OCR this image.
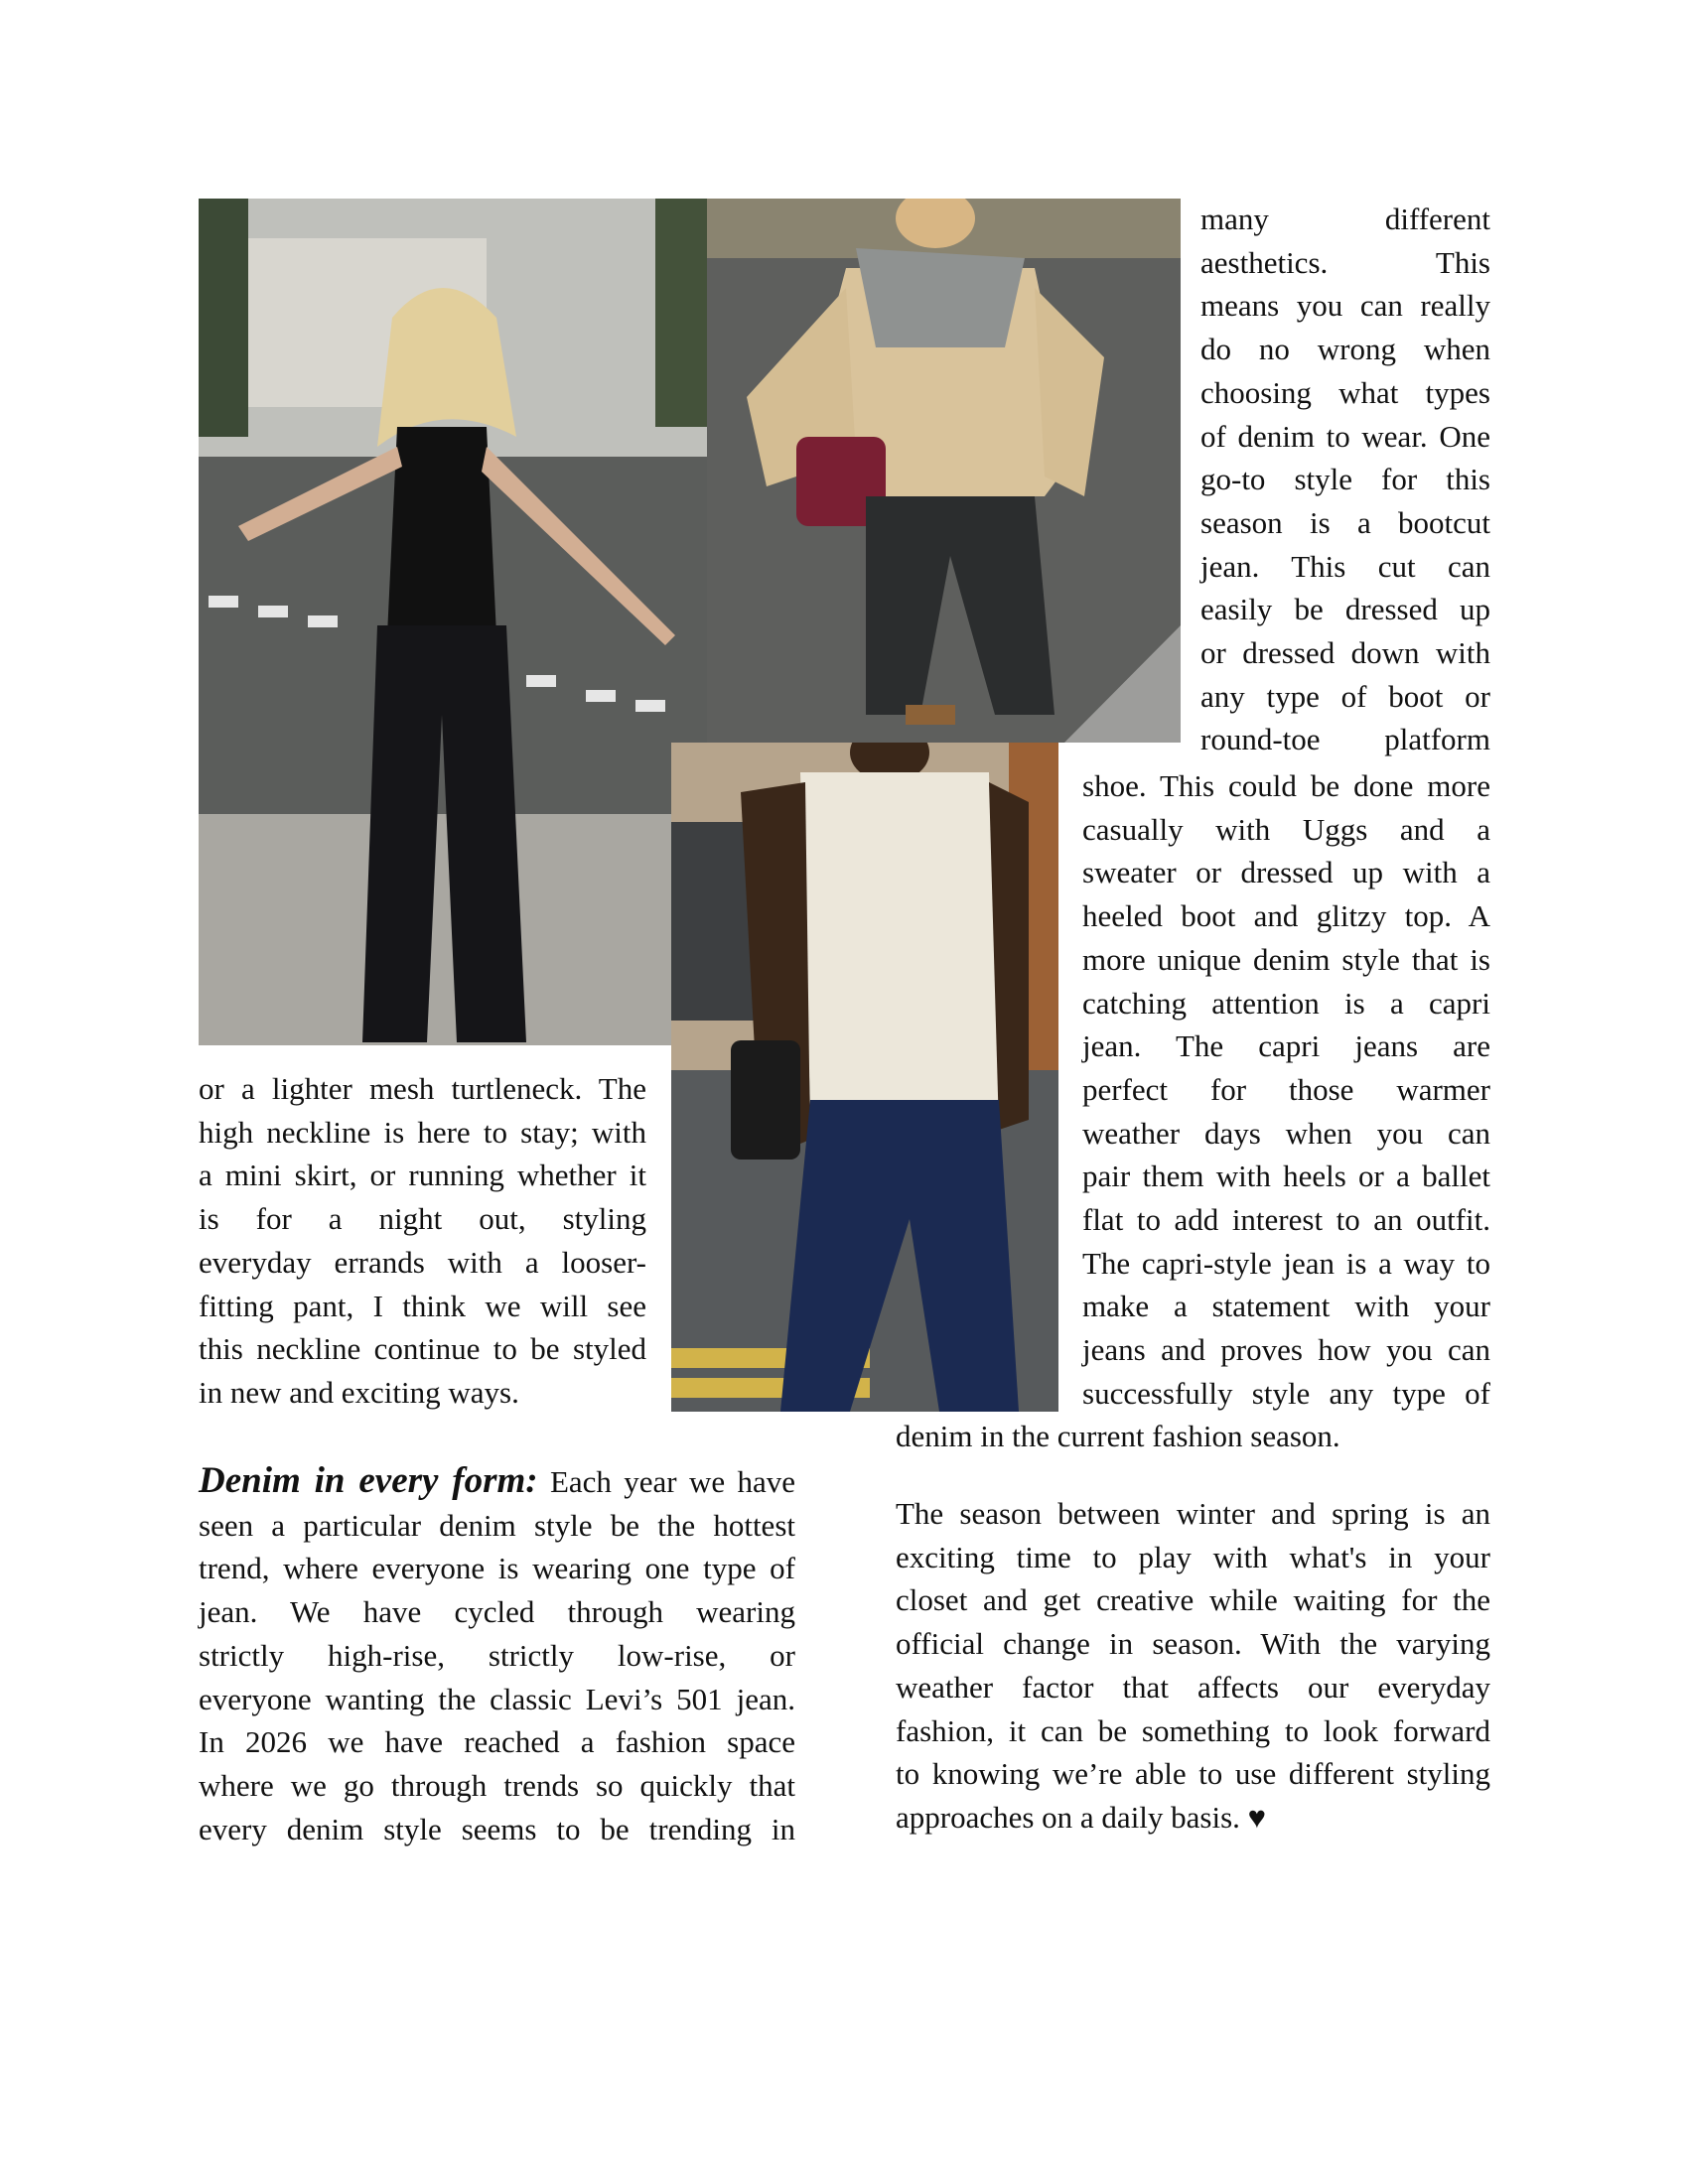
many different
aesthetics. This
means you can really
do no wrong when
choosing what types
of denim to wear. One
go-to style for this
season is a bootcut
jean. This cut can
easily be dressed up
or dressed down with
any type of boot or
round-toe platform
shoe. This could be done more
casually with Uggs and a
sweater or dressed up with a
heeled boot and glitzy top. A
more unique denim style that is
catching attention is a capri
jean. The capri jeans are
perfect for those warmer
weather days when you can
pair them with heels or a ballet
flat to add interest to an outfit.
The capri-style jean is a way to
make a statement with your
jeans and proves how you can
successfully style any type of
denim in the current fashion season.
or a lighter mesh turtleneck. The
high neckline is here to stay; with
a mini skirt, or running whether it
is for a night out, styling
everyday errands with a looser-
fitting pant, I think we will see
this neckline continue to be styled
in new and exciting ways.
Denim in every form: Each year we have
seen a particular denim style be the hottest
trend, where everyone is wearing one type of
jean. We have cycled through wearing
strictly high-rise, strictly low-rise, or
everyone wanting the classic Levi’s 501 jean.
In 2026 we have reached a fashion space
where we go through trends so quickly that
every denim style seems to be trending in
The season between winter and spring is an
exciting time to play with what's in your
closet and get creative while waiting for the
official change in season. With the varying
weather factor that affects our everyday
fashion, it can be something to look forward
to knowing we’re able to use different styling
approaches on a daily basis. ♥
